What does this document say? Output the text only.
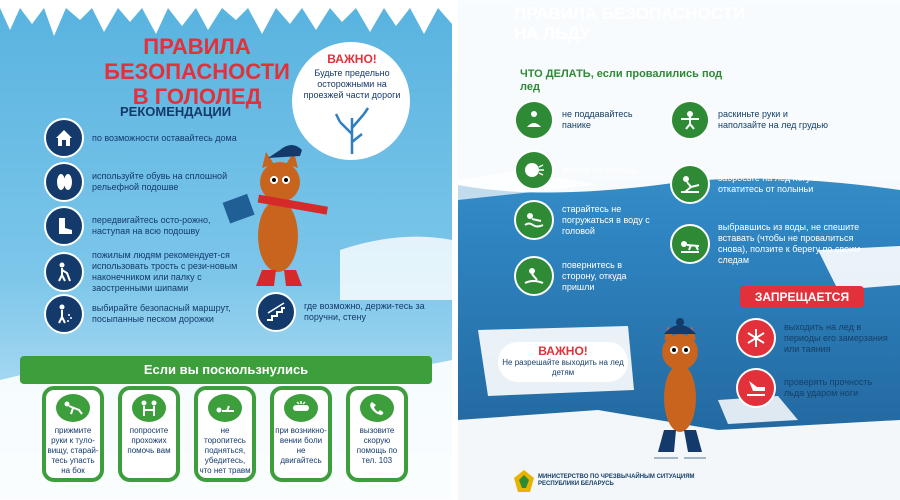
ПРАВИЛА
БЕЗОПАСНОСТИ
В ГОЛОЛЕД
РЕКОМЕНДАЦИИ
ВАЖНО!
Будьте предельно осторожными на проезжей части дороги
по возможности оставайтесь дома
используйте обувь на сплошной рельефной подошве
передвигайтесь осто-рожно, наступая на всю подошву
пожилым людям рекомендует-ся использовать трость с рези-новым наконечником или палку с заостренными шипами
выбирайте безопасный маршрут, посыпанные песком дорожки
где возможно, держи-тесь за поручни, стену
Если вы поскользнулись
прижмите руки к туло-вищу, старай-тесь упасть на бок
попросите прохожих помочь вам
не торопитесь подняться, убедитесь, что нет травм
при возникно-вении боли не двигайтесь
вызовите скорую помощь по тел. 103
ПРАВИЛА БЕЗОПАСНОСТИ
НА ЛЬДУ
ЧТО ДЕЛАТЬ, если провалились под лед
не поддавайтесь панике
зовите на помощь
старайтесь не погружаться в воду с головой
повернитесь в сторону, откуда пришли
раскиньте руки и наползайте на лед грудью
забросьте на лед ногу и откатитесь от полыньи
выбравшись из воды, не спешите вставать (чтобы не провалиться снова), ползите к берегу по своим следам
ЗАПРЕЩАЕТСЯ
выходить на лед в периоды его замерзания или таяния
проверять прочность льда ударом ноги
ВАЖНО!
Не разрешайте выходить на лед детям
МИНИСТЕРСТВО ПО ЧРЕЗВЫЧАЙНЫМ СИТУАЦИЯМ
РЕСПУБЛИКИ БЕЛАРУСЬ
